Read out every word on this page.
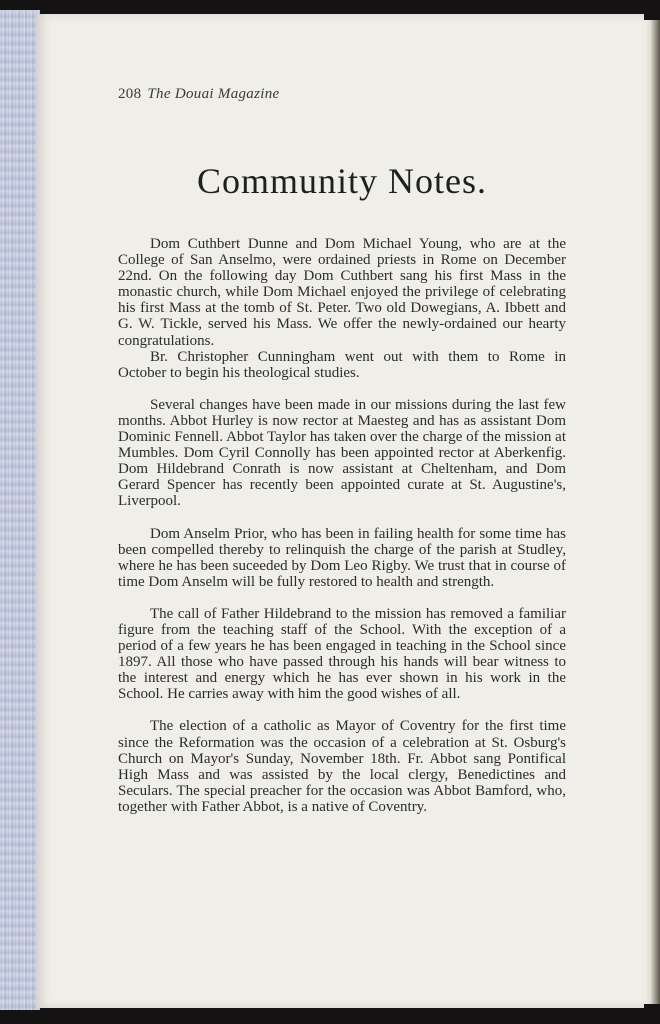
208 The Douai Magazine
Community Notes.

Dom Cuthbert Dunne and Dom Michael Young, who are at the College of San Anselmo, were ordained priests in Rome on December 22nd. On the following day Dom Cuthbert sang his first Mass in the monastic church, while Dom Michael enjoyed the privilege of celebrating his first Mass at the tomb of St. Peter. Two old Dowegians, A. Ibbett and G. W. Tickle, served his Mass. We offer the newly-ordained our hearty congratulations.

Br. Christopher Cunningham went out with them to Rome in October to begin his theological studies.

Several changes have been made in our missions during the last few months. Abbot Hurley is now rector at Maesteg and has as assistant Dom Dominic Fennell. Abbot Taylor has taken over the charge of the mission at Mumbles. Dom Cyril Connolly has been appointed rector at Aberkenfig. Dom Hildebrand Conrath is now assistant at Cheltenham, and Dom Gerard Spencer has recently been appointed curate at St. Augustine's, Liverpool.

Dom Anselm Prior, who has been in failing health for some time has been compelled thereby to relinquish the charge of the parish at Studley, where he has been suceeded by Dom Leo Rigby. We trust that in course of time Dom Anselm will be fully restored to health and strength.

The call of Father Hildebrand to the mission has removed a familiar figure from the teaching staff of the School. With the exception of a period of a few years he has been engaged in teaching in the School since 1897. All those who have passed through his hands will bear witness to the interest and energy which he has ever shown in his work in the School. He carries away with him the good wishes of all.

The election of a catholic as Mayor of Coventry for the first time since the Reformation was the occasion of a celebration at St. Osburg's Church on Mayor's Sunday, November 18th. Fr. Abbot sang Pontifical High Mass and was assisted by the local clergy, Benedictines and Seculars. The special preacher for the occasion was Abbot Bamford, who, together with Father Abbot, is a native of Coventry.
